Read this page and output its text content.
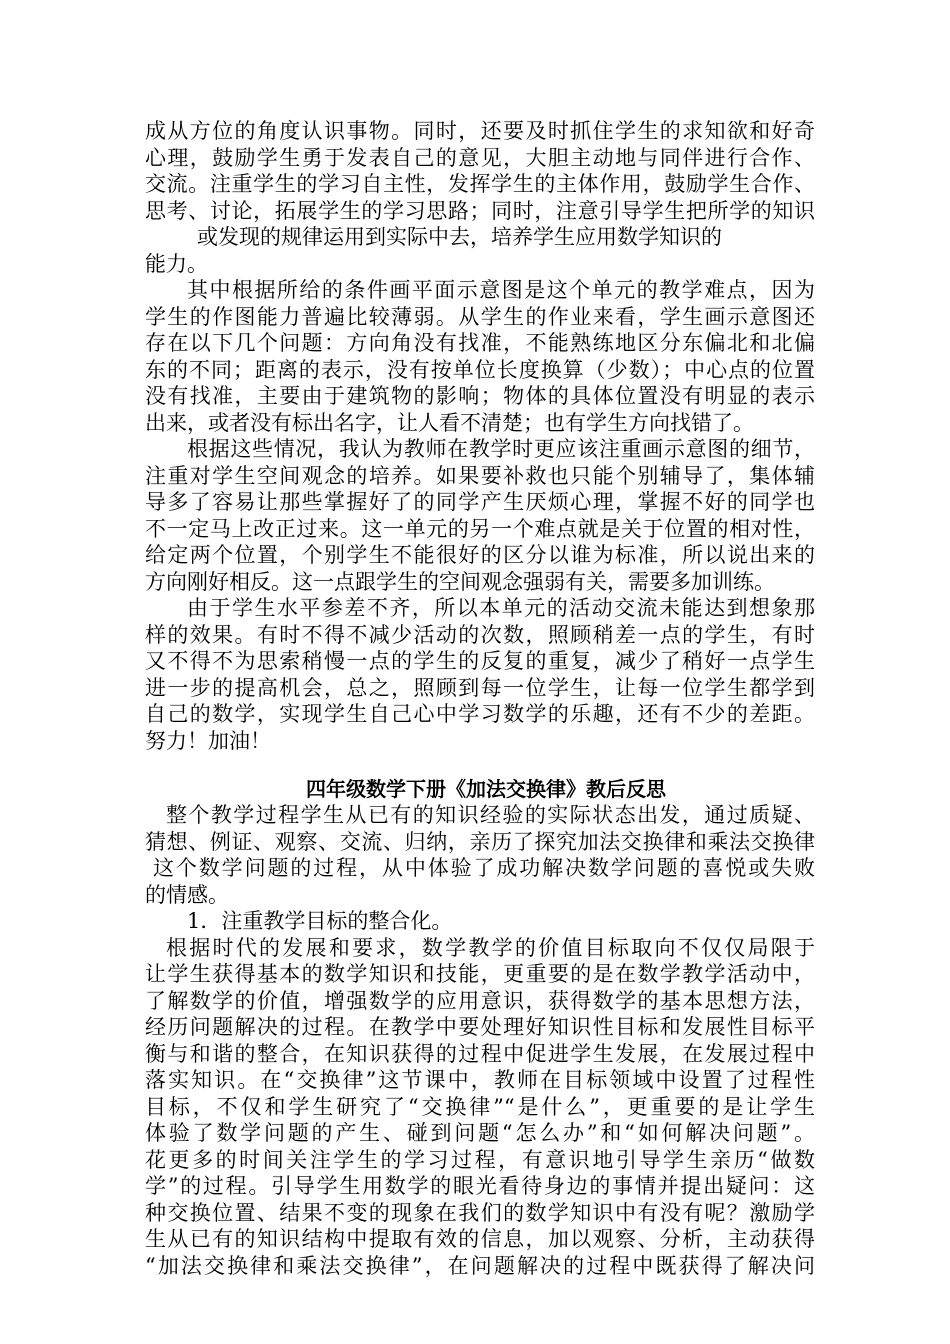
成从方位的角度认识事物。同时，还要及时抓住学生的求知欲和好奇
心理，鼓励学生勇于发表自己的意见，大胆主动地与同伴进行合作、
交流。注重学生的学习自主性，发挥学生的主体作用，鼓励学生合作、
思考、讨论，拓展学生的学习思路；同时，注意引导学生把所学的知识
或发现的规律运用到实际中去，培养学生应用数学知识的
能力。
其中根据所给的条件画平面示意图是这个单元的教学难点，因为
学生的作图能力普遍比较薄弱。从学生的作业来看，学生画示意图还
存在以下几个问题：方向角没有找准，不能熟练地区分东偏北和北偏
东的不同；距离的表示，没有按单位长度换算（少数）；中心点的位置
没有找准，主要由于建筑物的影响；物体的具体位置没有明显的表示
出来，或者没有标出名字，让人看不清楚；也有学生方向找错了。
根据这些情况，我认为教师在教学时更应该注重画示意图的细节，
注重对学生空间观念的培养。如果要补救也只能个别辅导了，集体辅
导多了容易让那些掌握好了的同学产生厌烦心理，掌握不好的同学也
不一定马上改正过来。这一单元的另一个难点就是关于位置的相对性，
给定两个位置，个别学生不能很好的区分以谁为标准，所以说出来的
方向刚好相反。这一点跟学生的空间观念强弱有关，需要多加训练。
由于学生水平参差不齐，所以本单元的活动交流未能达到想象那
样的效果。有时不得不减少活动的次数，照顾稍差一点的学生，有时
又不得不为思索稍慢一点的学生的反复的重复，减少了稍好一点学生
进一步的提高机会，总之，照顾到每一位学生，让每一位学生都学到
自己的数学，实现学生自己心中学习数学的乐趣，还有不少的差距。
努力！加油！
四年级数学下册《加法交换律》教后反思
整个教学过程学生从已有的知识经验的实际状态出发，通过质疑、
猜想、例证、观察、交流、归纳，亲历了探究加法交换律和乘法交换律
这个数学问题的过程，从中体验了成功解决数学问题的喜悦或失败
的情感。
1．注重教学目标的整合化。
根据时代的发展和要求，数学教学的价值目标取向不仅仅局限于
让学生获得基本的数学知识和技能，更重要的是在数学教学活动中，
了解数学的价值，增强数学的应用意识，获得数学的基本思想方法，
经历问题解决的过程。在教学中要处理好知识性目标和发展性目标平
衡与和谐的整合，在知识获得的过程中促进学生发展，在发展过程中
落实知识。在“交换律”这节课中，教师在目标领域中设置了过程性
目标，不仅和学生研究了“交换律”“是什么”，更重要的是让学生
体验了数学问题的产生、碰到问题“怎么办”和“如何解决问题”。
花更多的时间关注学生的学习过程，有意识地引导学生亲历“做数
学”的过程。引导学生用数学的眼光看待身边的事情并提出疑问：这
种交换位置、结果不变的现象在我们的数学知识中有没有呢？激励学
生从已有的知识结构中提取有效的信息，加以观察、分析，主动获得
“加法交换律和乘法交换律”，在问题解决的过程中既获得了解决问
